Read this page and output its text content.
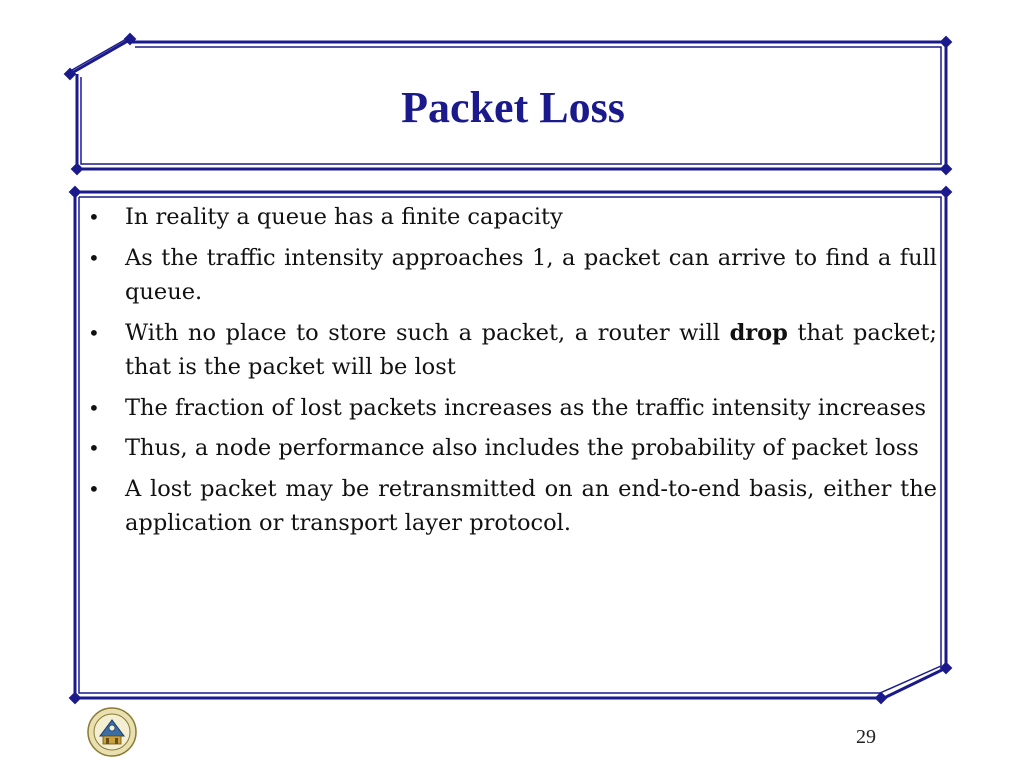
Packet Loss
• In reality a queue has a finite capacity
• As the traffic intensity approaches 1, a packet can arrive to find a full queue.
• With no place to store such a packet, a router will drop that packet; that is the packet will be lost
• The fraction of lost packets increases as the traffic intensity increases
• Thus, a node performance also includes the probability of packet loss
• A lost packet may be retransmitted on an end-to-end basis, either the application or transport layer protocol.
29
